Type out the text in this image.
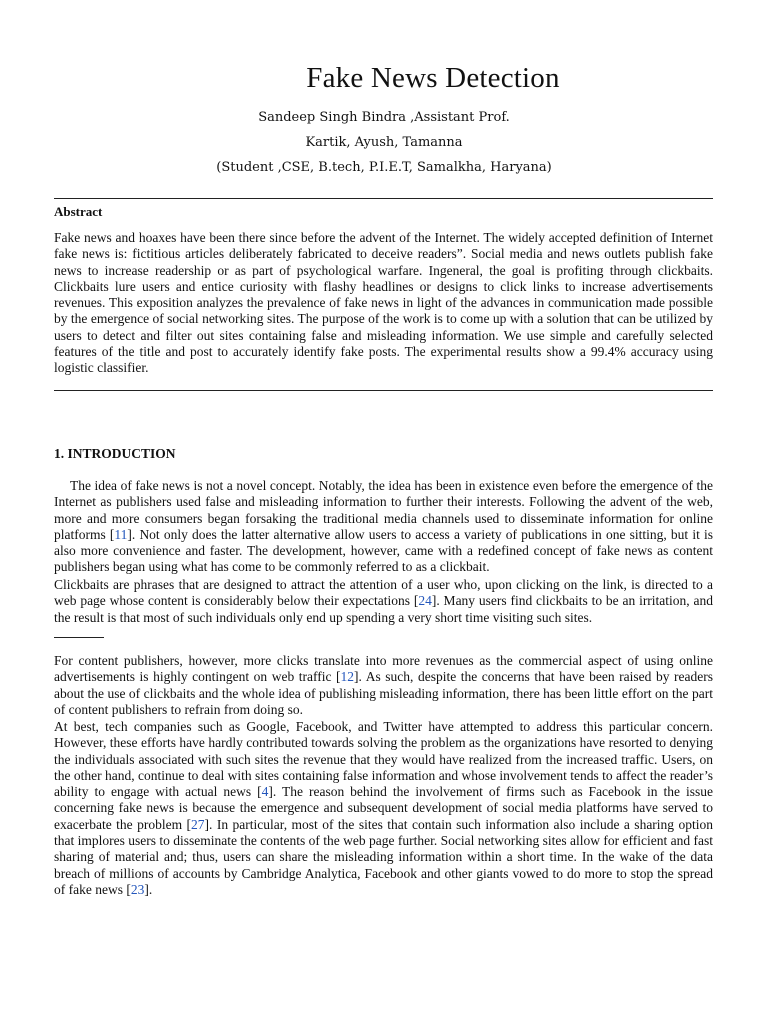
Fake News Detection

Sandeep Singh Bindra ,Assistant Prof.

Kartik, Ayush, Tamanna

(Student ,CSE, B.tech, P.I.E.T, Samalkha, Haryana)

Abstract

Fake news and hoaxes have been there since before the advent of the Internet. The widely accepted definition of Internet fake news is: fictitious articles deliberately fabricated to deceive readers”. Social media and news outlets publish fake news to increase readership or as part of psychological warfare. Ingeneral, the goal is profiting through clickbaits. Clickbaits lure users and entice curiosity with flashy headlines or designs to click links to increase advertisements revenues. This exposition analyzes the prevalence of fake news in light of the advances in communication made possible by the emergence of social networking sites. The purpose of the work is to come up with a solution that can be utilized by users to detect and filter out sites containing false and misleading information. We use simple and carefully selected features of the title and post to accurately identify fake posts. The experimental results show a 99.4% accuracy using logistic classifier.

1. INTRODUCTION

The idea of fake news is not a novel concept. Notably, the idea has been in existence even before the emergence of the Internet as publishers used false and misleading information to further their interests. Following the advent of the web, more and more consumers began forsaking the traditional media channels used to disseminate information for online platforms [11]. Not only does the latter alternative allow users to access a variety of publications in one sitting, but it is also more convenience and faster. The development, however, came with a redefined concept of fake news as content publishers began using what has come to be commonly referred to as a clickbait.

Clickbaits are phrases that are designed to attract the attention of a user who, upon clicking on the link, is directed to a web page whose content is considerably below their expectations [24]. Many users find clickbaits to be an irritation, and the result is that most of such individuals only end up spending a very short time visiting such sites.

For content publishers, however, more clicks translate into more revenues as the commercial aspect of using online advertisements is highly contingent on web traffic [12]. As such, despite the concerns that have been raised by readers about the use of clickbaits and the whole idea of publishing misleading information, there has been little effort on the part of content publishers to refrain from doing so.

At best, tech companies such as Google, Facebook, and Twitter have attempted to address this particular concern. However, these efforts have hardly contributed towards solving the problem as the organizations have resorted to denying the individuals associated with such sites the revenue that they would have realized from the increased traffic. Users, on the other hand, continue to deal with sites containing false information and whose involvement tends to affect the reader’s ability to engage with actual news [4]. The reason behind the involvement of firms such as Facebook in the issue concerning fake news is because the emergence and subsequent development of social media platforms have served to exacerbate the problem [27]. In particular, most of the sites that contain such information also include a sharing option that implores users to disseminate the contents of the web page further. Social networking sites allow for efficient and fast sharing of material and; thus, users can share the misleading information within a short time. In the wake of the data breach of millions of accounts by Cambridge Analytica, Facebook and other giants vowed to do more to stop the spread of fake news [23].
